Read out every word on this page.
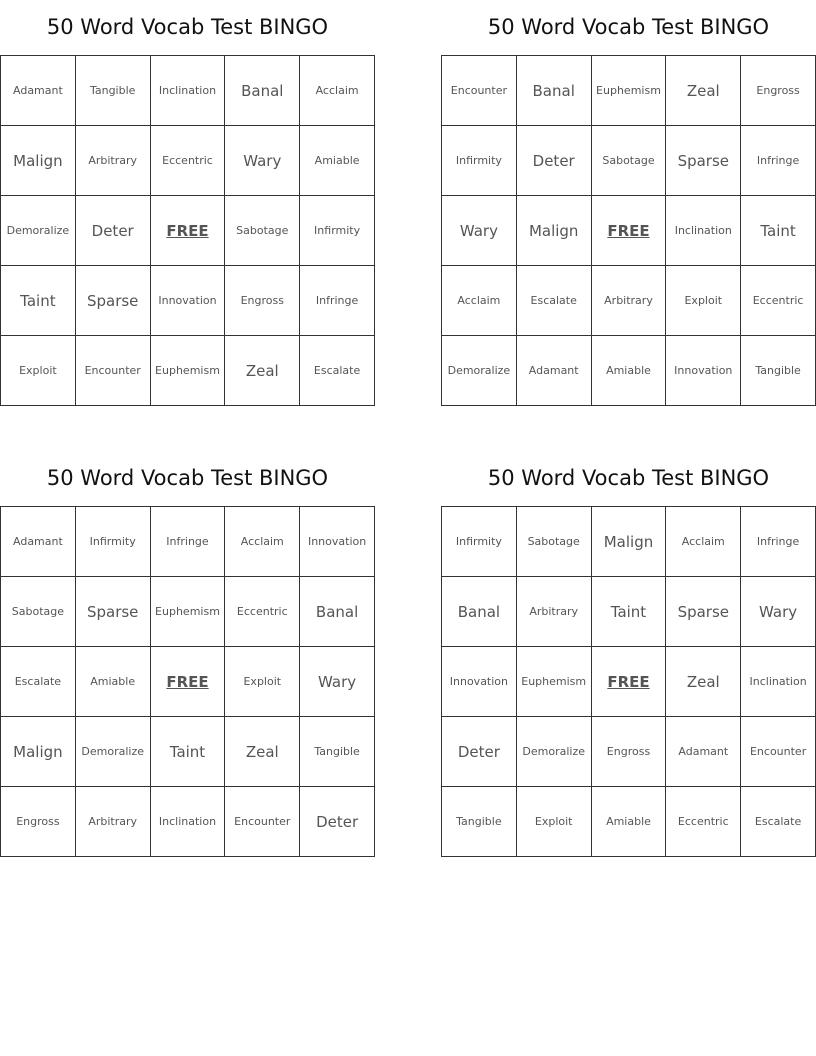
50 Word Vocab Test BINGO
Adamant	Tangible	Inclination	Banal	Acclaim
Malign	Arbitrary	Eccentric	Wary	Amiable
Demoralize	Deter	FREE	Sabotage	Infirmity
Taint	Sparse	Innovation	Engross	Infringe
Exploit	Encounter	Euphemism	Zeal	Escalate
50 Word Vocab Test BINGO
Encounter	Banal	Euphemism	Zeal	Engross
Infirmity	Deter	Sabotage	Sparse	Infringe
Wary	Malign	FREE	Inclination	Taint
Acclaim	Escalate	Arbitrary	Exploit	Eccentric
Demoralize	Adamant	Amiable	Innovation	Tangible
50 Word Vocab Test BINGO
Adamant	Infirmity	Infringe	Acclaim	Innovation
Sabotage	Sparse	Euphemism	Eccentric	Banal
Escalate	Amiable	FREE	Exploit	Wary
Malign	Demoralize	Taint	Zeal	Tangible
Engross	Arbitrary	Inclination	Encounter	Deter
50 Word Vocab Test BINGO
Infirmity	Sabotage	Malign	Acclaim	Infringe
Banal	Arbitrary	Taint	Sparse	Wary
Innovation	Euphemism	FREE	Zeal	Inclination
Deter	Demoralize	Engross	Adamant	Encounter
Tangible	Exploit	Amiable	Eccentric	Escalate
